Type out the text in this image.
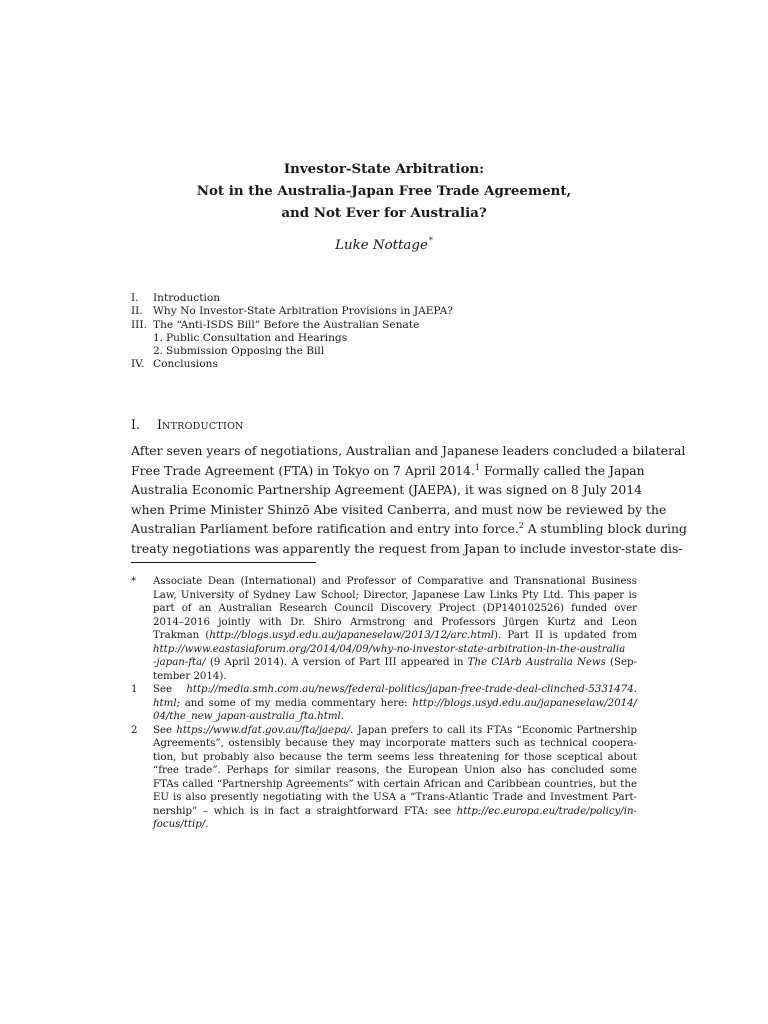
Investor-State Arbitration:
Not in the Australia-Japan Free Trade Agreement,
and Not Ever for Australia?
Luke Nottage*
I.	Introduction
II. Why No Investor-State Arbitration Provisions in JAEPA?
III. The “Anti-ISDS Bill” Before the Australian Senate
1. Public Consultation and Hearings
2. Submission Opposing the Bill
IV. Conclusions
I. INTRODUCTION
After seven years of negotiations, Australian and Japanese leaders concluded a bilateral
Free Trade Agreement (FTA) in Tokyo on 7 April 2014.$^1$ Formally called the Japan
Australia Economic Partnership Agreement (JAEPA), it was signed on 8 July 2014
when Prime Minister Shinzō Abe visited Canberra, and must now be reviewed by the
Australian Parliament before ratification and entry into force.$^2$ A stumbling block during
treaty negotiations was apparently the request from Japan to include investor-state dis-
*	Associate Dean (International) and Professor of Comparative and Transnational Business
Law, University of Sydney Law School; Director, Japanese Law Links Pty Ltd. This paper is
part of an Australian Research Council Discovery Project (DP140102526) funded over
2014–2016 jointly with Dr. Shiro Armstrong and Professors Jürgen Kurtz and Leon
Trakman (http://blogs.usyd.edu.au/japaneselaw/2013/12/arc.html). Part II is updated from
http://www.eastasiaforum.org/2014/04/09/why-no-investor-state-arbitration-in-the-australia
-japan-fta/ (9 April 2014). A version of Part III appeared in The CIArb Australia News (Sep-
tember 2014).
1	See http://media.smh.com.au/news/federal-politics/japan-free-trade-deal-clinched-5331474.
html; and some of my media commentary here: http://blogs.usyd.edu.au/japaneselaw/2014/
04/the_new_japan-australia_fta.html.
2	See https://www.dfat.gov.au/fta/jaepa/. Japan prefers to call its FTAs “Economic Partnership
Agreements”, ostensibly because they may incorporate matters such as technical coopera-
tion, but probably also because the term seems less threatening for those sceptical about
“free trade”. Perhaps for similar reasons, the European Union also has concluded some
FTAs called “Partnership Agreements” with certain African and Caribbean countries, but the
EU is also presently negotiating with the USA a “Trans-Atlantic Trade and Investment Part-
nership” – which is in fact a straightforward FTA: see http://ec.europa.eu/trade/policy/in-
focus/ttip/.
